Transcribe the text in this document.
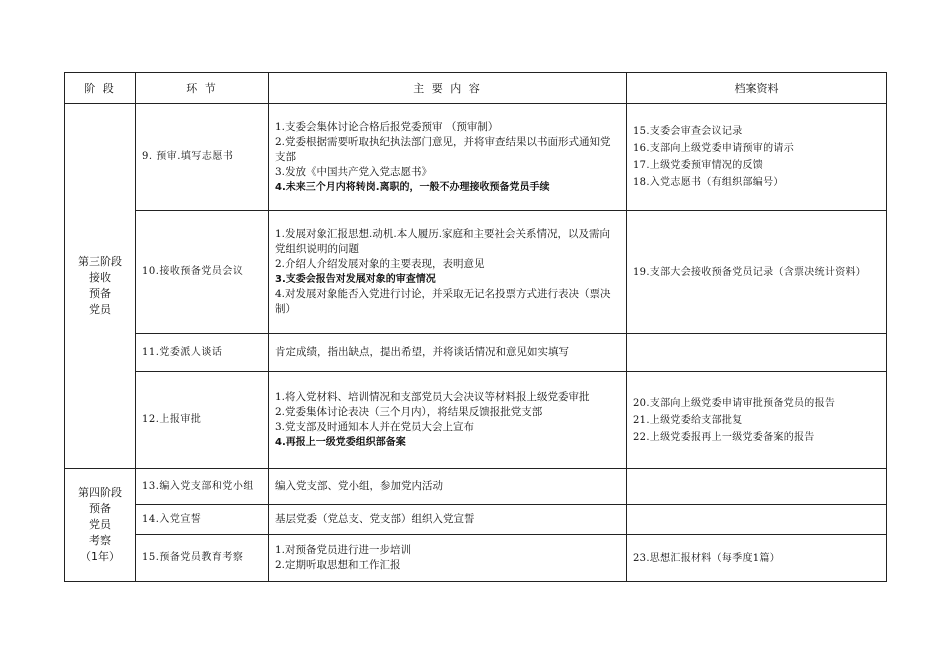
阶 段	环 节	主 要 内 容	档案资料

第三阶段
接收
预备
党员	9. 预审.填写志愿书	1.支委会集体讨论合格后报党委预审 （预审制）
2.党委根据需要听取执纪执法部门意见，并将审查结果以书面形式通知党支部
3.发放《中国共产党入党志愿书》
4.未来三个月内将转岗.离职的，一般不办理接收预备党员手续	15.支委会审查会议记录
16.支部向上级党委申请预审的请示
17.上级党委预审情况的反馈
18.入党志愿书（有组织部编号）

	10.接收预备党员会议	1.发展对象汇报思想.动机.本人履历.家庭和主要社会关系情况，以及需向党组织说明的问题
2.介绍人介绍发展对象的主要表现，表明意见
3.支委会报告对发展对象的审查情况
4.对发展对象能否入党进行讨论，并采取无记名投票方式进行表决（票决制）	19.支部大会接收预备党员记录（含票决统计资料）

	11.党委派人谈话	肯定成绩，指出缺点，提出希望，并将谈话情况和意见如实填写	

	12.上报审批	1.将入党材料、培训情况和支部党员大会决议等材料报上级党委审批
2.党委集体讨论表决（三个月内），将结果反馈报批党支部
3.党支部及时通知本人并在党员大会上宣布
4.再报上一级党委组织部备案	20.支部向上级党委申请审批预备党员的报告
21.上级党委给支部批复
22.上级党委报再上一级党委备案的报告

第四阶段
预备
党员
考察
（1年）	13.编入党支部和党小组	编入党支部、党小组，参加党内活动	

	14.入党宣誓	基层党委（党总支、党支部）组织入党宣誓	

	15.预备党员教育考察	1.对预备党员进行进一步培训
2.定期听取思想和工作汇报	23.思想汇报材料（每季度1篇）
